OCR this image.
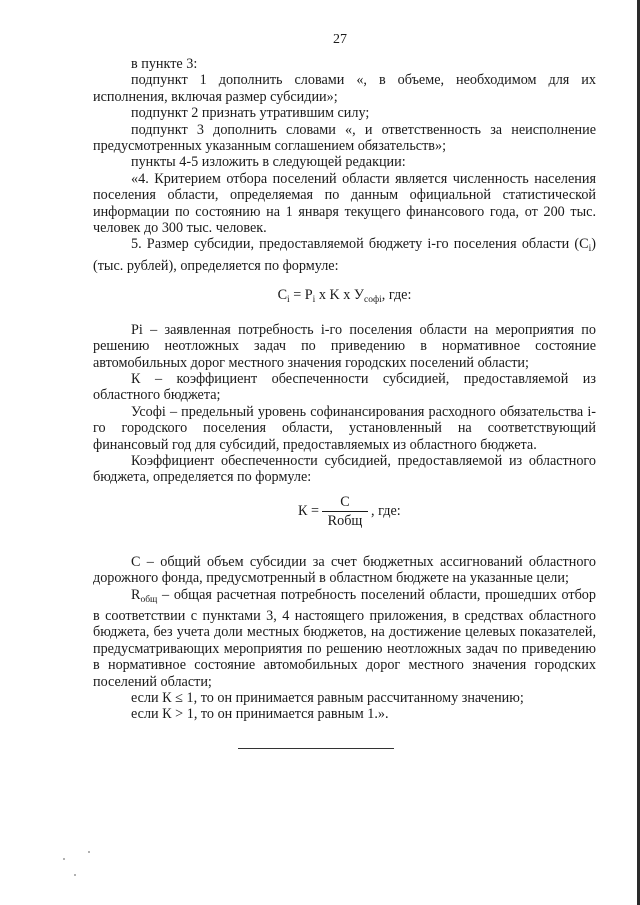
27

в пункте 3:

подпункт 1 дополнить словами «, в объеме, необходимом для их исполнения, включая размер субсидии»;

подпункт 2 признать утратившим силу;

подпункт 3 дополнить словами «, и ответственность за неисполнение предусмотренных указанным соглашением обязательств»;

пункты 4-5 изложить в следующей редакции:

«4. Критерием отбора поселений области является численность населения поселения области, определяемая по данным официальной статистической информации по состоянию на 1 января текущего финансового года, от 200 тыс. человек до 300 тыс. человек.

5. Размер субсидии, предоставляемой бюджету i-го поселения области $(C_i)$ (тыс. рублей), определяется по формуле:

$C_i = P_i$ x K x $У_{софi}$, где:

Pi – заявленная потребность i-го поселения области на мероприятия по решению неотложных задач по приведению в нормативное состояние автомобильных дорог местного значения городских поселений области;

К – коэффициент обеспеченности субсидией, предоставляемой из областного бюджета;

Усофi – предельный уровень софинансирования расходного обязательства i-го городского поселения области, установленный на соответствующий финансовый год для субсидий, предоставляемых из областного бюджета.

Коэффициент обеспеченности субсидией, предоставляемой из областного бюджета, определяется по формуле:

$К = \frac{С}{\text{Rобщ}}$ , где:

С – общий объем субсидии за счет бюджетных ассигнований областного дорожного фонда, предусмотренный в областном бюджете на указанные цели;

$R_{общ}$ – общая расчетная потребность поселений области, прошедших отбор в соответствии с пунктами 3, 4 настоящего приложения, в средствах областного бюджета, без учета доли местных бюджетов, на достижение целевых показателей, предусматривающих мероприятия по решению неотложных задач по приведению в нормативное состояние автомобильных дорог местного значения городских поселений области;

если К ≤ 1, то он принимается равным рассчитанному значению;

если К > 1, то он принимается равным 1.».
